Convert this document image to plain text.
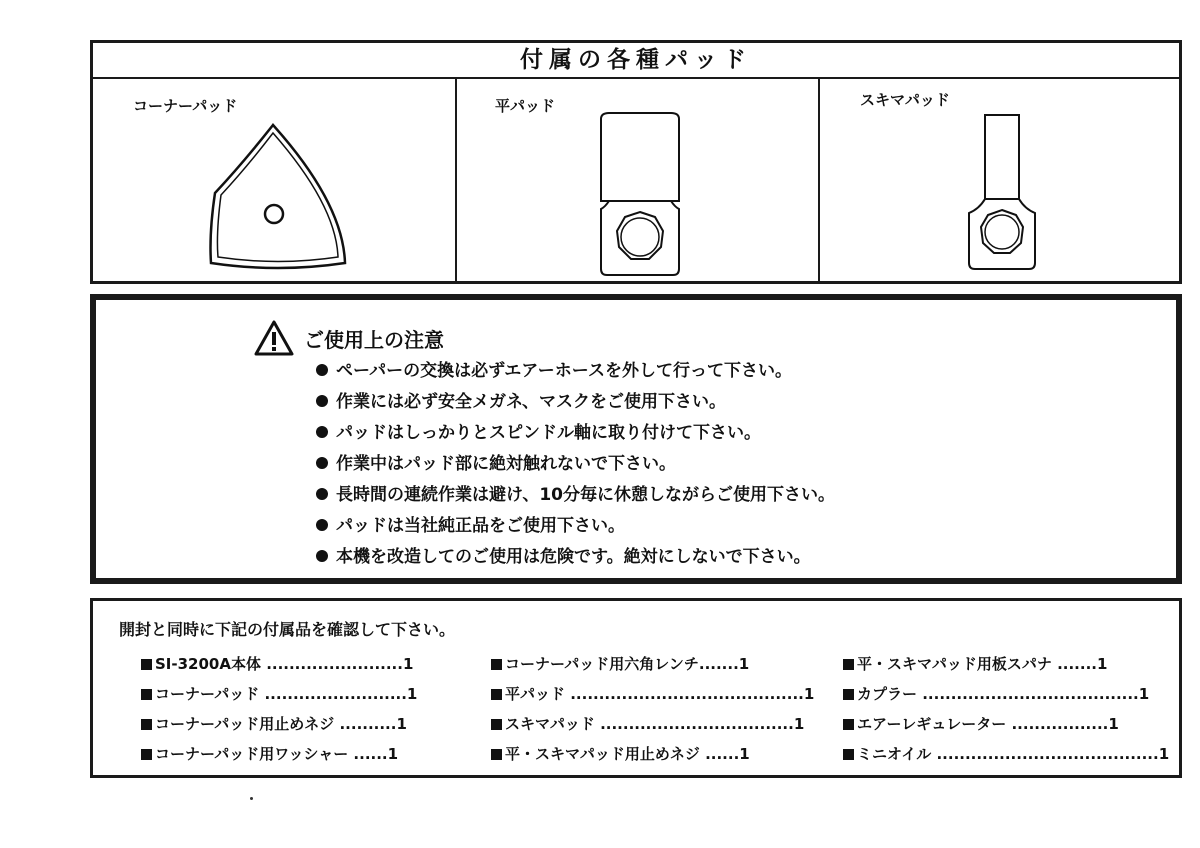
付属の各種パッド
コーナーパッド	平パッド	スキマパッド
ご使用上の注意
ペーパーの交換は必ずエアーホースを外して行って下さい。
作業には必ず安全メガネ、マスクをご使用下さい。
パッドはしっかりとスピンドル軸に取り付けて下さい。
作業中はパッド部に絶対触れないで下さい。
長時間の連続作業は避け、10分毎に休憩しながらご使用下さい。
パッドは当社純正品をご使用下さい。
本機を改造してのご使用は危険です。絶対にしないで下さい。
開封と同時に下記の付属品を確認して下さい。
SI-3200A本体 ........................1
コーナーパッド .........................1
コーナーパッド用止めネジ ..........1
コーナーパッド用ワッシャー ......1
コーナーパッド用六角レンチ.......1
平パッド .........................................1
スキマパッド ..................................1
平・スキマパッド用止めネジ ......1
平・スキマパッド用板スパナ .......1
カプラー ......................................1
エアーレギュレーター .................1
ミニオイル .......................................1
